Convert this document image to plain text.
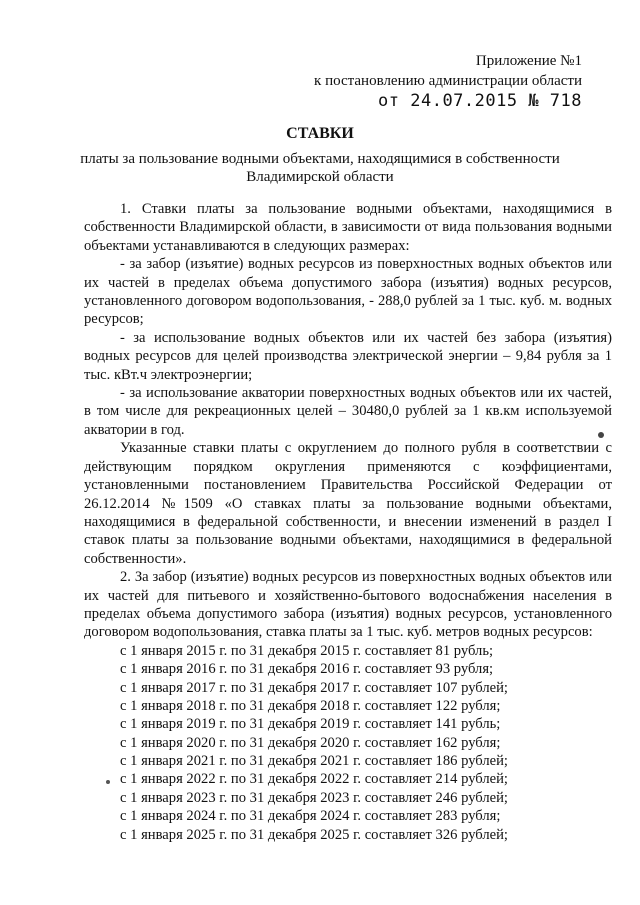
Приложение №1
к постановлению администрации области
от 24.07.2015 № 718
СТАВКИ
платы за пользование водными объектами, находящимися в собственности
Владимирской области

1. Ставки платы за пользование водными объектами, находящимися в собственности Владимирской области, в зависимости от вида пользования водными объектами устанавливаются в следующих размерах:

- за забор (изъятие) водных ресурсов из поверхностных водных объектов или их частей в пределах объема допустимого забора (изъятия) водных ресурсов, установленного договором водопользования, - 288,0 рублей за 1 тыс. куб. м. водных ресурсов;

- за использование водных объектов или их частей без забора (изъятия) водных ресурсов для целей производства электрической энергии – 9,84 рубля за 1 тыс. кВт.ч электроэнергии;

- за использование акватории поверхностных водных объектов или их частей, в том числе для рекреационных целей – 30480,0 рублей за 1 кв.км используемой акватории в год.

Указанные ставки платы с округлением до полного рубля в соответствии с действующим порядком округления применяются с коэффициентами, установленными постановлением Правительства Российской Федерации от 26.12.2014 №1509 «О ставках платы за пользование водными объектами, находящимися в федеральной собственности, и внесении изменений в раздел I ставок платы за пользование водными объектами, находящимися в федеральной собственности».

2. За забор (изъятие) водных ресурсов из поверхностных водных объектов или их частей для питьевого и хозяйственно-бытового водоснабжения населения в пределах объема допустимого забора (изъятия) водных ресурсов, установленного договором водопользования, ставка платы за 1 тыс. куб. метров водных ресурсов:

с 1 января 2015 г. по 31 декабря 2015 г. составляет 81 рубль;
с 1 января 2016 г. по 31 декабря 2016 г. составляет 93 рубля;
с 1 января 2017 г. по 31 декабря 2017 г. составляет 107 рублей;
с 1 января 2018 г. по 31 декабря 2018 г. составляет 122 рубля;
с 1 января 2019 г. по 31 декабря 2019 г. составляет 141 рубль;
с 1 января 2020 г. по 31 декабря 2020 г. составляет 162 рубля;
с 1 января 2021 г. по 31 декабря 2021 г. составляет 186 рублей;
с 1 января 2022 г. по 31 декабря 2022 г. составляет 214 рублей;
с 1 января 2023 г. по 31 декабря 2023 г. составляет 246 рублей;
с 1 января 2024 г. по 31 декабря 2024 г. составляет 283 рубля;
с 1 января 2025 г. по 31 декабря 2025 г. составляет 326 рублей;
